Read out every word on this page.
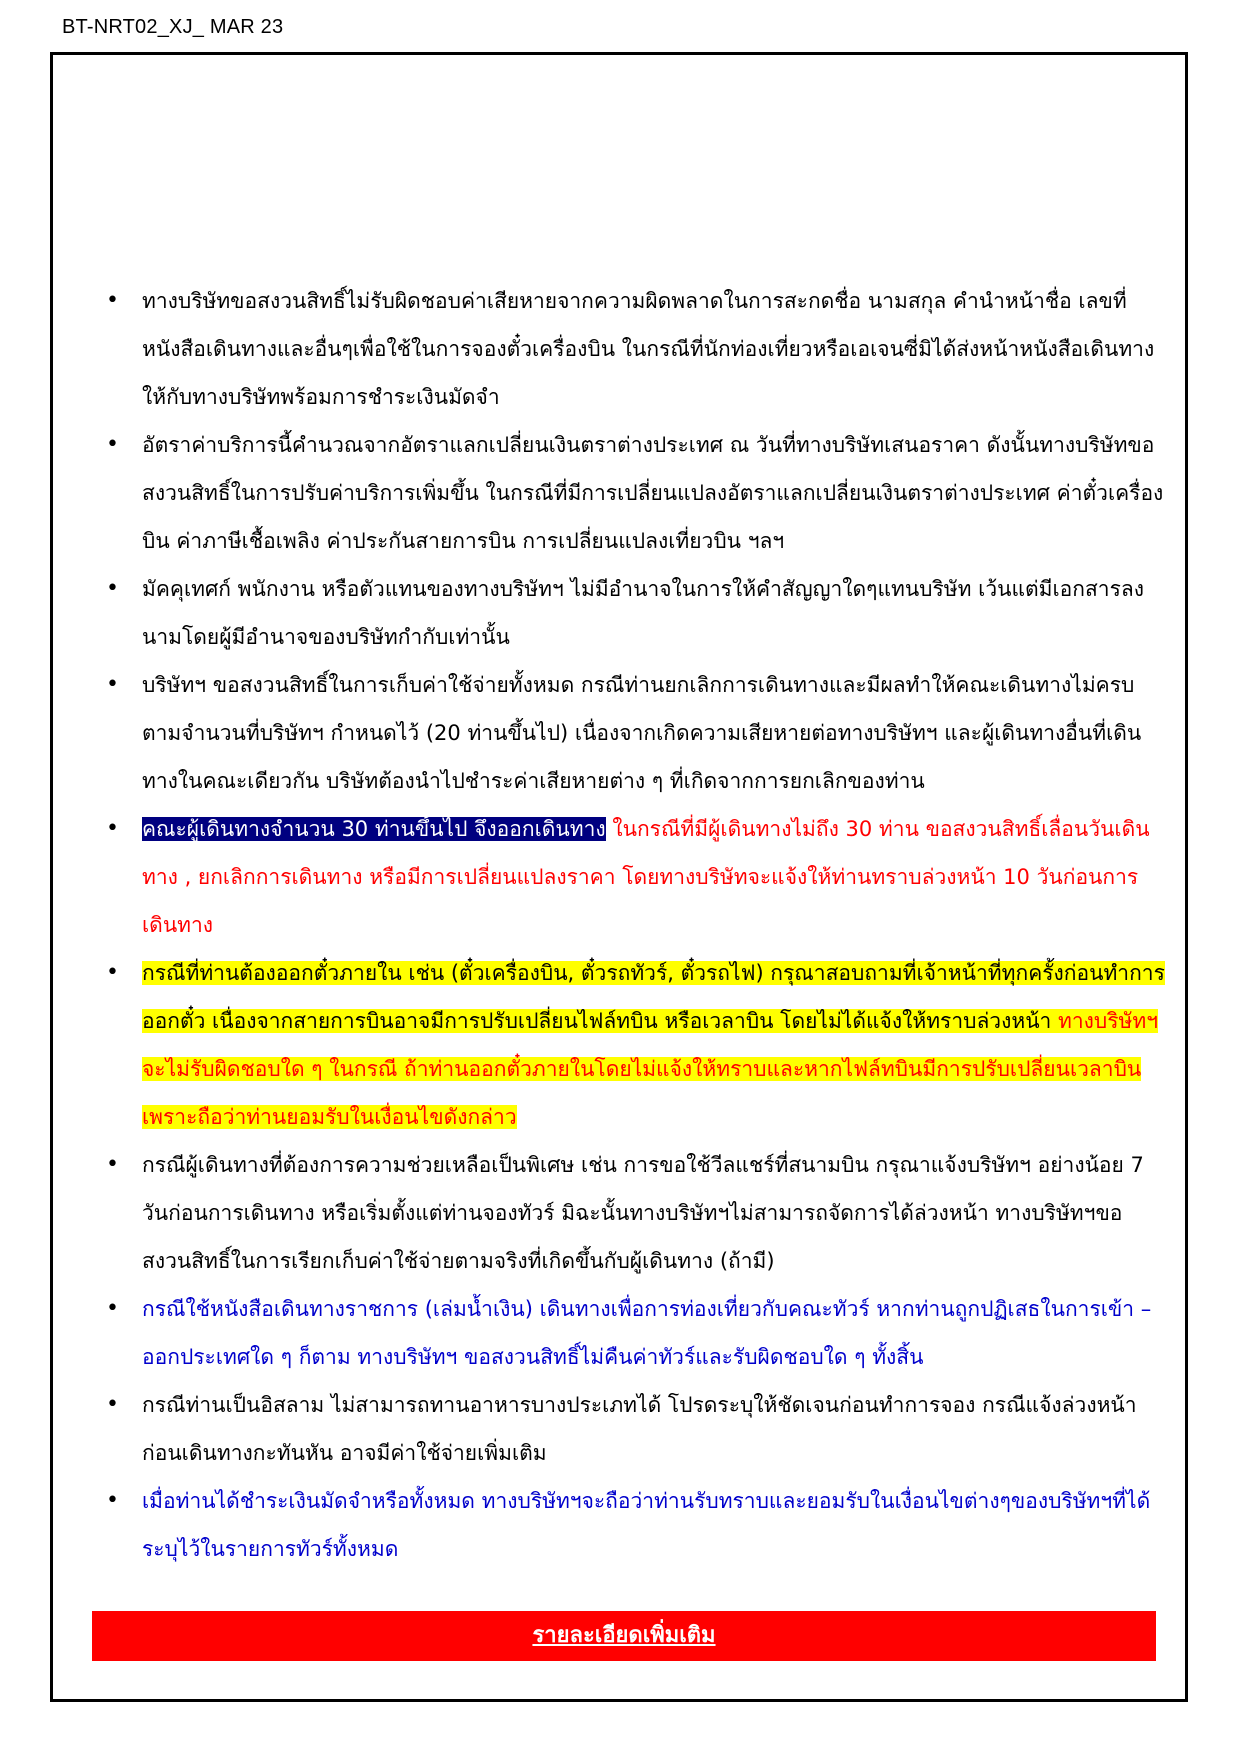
BT-NRT02_XJ_ MAR 23
• ทางบริษัทขอสงวนสิทธิ์ไม่รับผิดชอบค่าเสียหายจากความผิดพลาดในการสะกดชื่อ นามสกุล คำนำหน้าชื่อ เลขที่หนังสือเดินทางและอื่นๆเพื่อใช้ในการจองตั๋วเครื่องบิน ในกรณีที่นักท่องเที่ยวหรือเอเจนซี่มิได้ส่งหน้าหนังสือเดินทางให้กับทางบริษัทพร้อมการชำระเงินมัดจำ
• อัตราค่าบริการนี้คำนวณจากอัตราแลกเปลี่ยนเงินตราต่างประเทศ ณ วันที่ทางบริษัทเสนอราคา ดังนั้นทางบริษัทขอสงวนสิทธิ์ในการปรับค่าบริการเพิ่มขึ้น ในกรณีที่มีการเปลี่ยนแปลงอัตราแลกเปลี่ยนเงินตราต่างประเทศ ค่าตั๋วเครื่องบิน ค่าภาษีเชื้อเพลิง ค่าประกันสายการบิน การเปลี่ยนแปลงเที่ยวบิน ฯลฯ
• มัคคุเทศก์ พนักงาน หรือตัวแทนของทางบริษัทฯ ไม่มีอำนาจในการให้คำสัญญาใดๆแทนบริษัท เว้นแต่มีเอกสารลงนามโดยผู้มีอำนาจของบริษัทกำกับเท่านั้น
• บริษัทฯ ขอสงวนสิทธิ์ในการเก็บค่าใช้จ่ายทั้งหมด กรณีท่านยกเลิกการเดินทางและมีผลทำให้คณะเดินทางไม่ครบตามจำนวนที่บริษัทฯ กำหนดไว้ (20 ท่านขึ้นไป) เนื่องจากเกิดความเสียหายต่อทางบริษัทฯ และผู้เดินทางอื่นที่เดินทางในคณะเดียวกัน บริษัทต้องนำไปชำระค่าเสียหายต่าง ๆ ที่เกิดจากการยกเลิกของท่าน
• คณะผู้เดินทางจำนวน 30 ท่านขึ้นไป จึงออกเดินทาง ในกรณีที่มีผู้เดินทางไม่ถึง 30 ท่าน ขอสงวนสิทธิ์เลื่อนวันเดินทาง , ยกเลิกการเดินทาง หรือมีการเปลี่ยนแปลงราคา โดยทางบริษัทจะแจ้งให้ท่านทราบล่วงหน้า 10 วันก่อนการเดินทาง
• กรณีที่ท่านต้องออกตั๋วภายใน เช่น (ตั๋วเครื่องบิน, ตั๋วรถทัวร์, ตั๋วรถไฟ) กรุณาสอบถามที่เจ้าหน้าที่ทุกครั้งก่อนทำการออกตั๋ว เนื่องจากสายการบินอาจมีการปรับเปลี่ยนไฟล์ทบิน หรือเวลาบิน โดยไม่ได้แจ้งให้ทราบล่วงหน้า ทางบริษัทฯ จะไม่รับผิดชอบใด ๆ ในกรณี ถ้าท่านออกตั๋วภายในโดยไม่แจ้งให้ทราบและหากไฟล์ทบินมีการปรับเปลี่ยนเวลาบินเพราะถือว่าท่านยอมรับในเงื่อนไขดังกล่าว
• กรณีผู้เดินทางที่ต้องการความช่วยเหลือเป็นพิเศษ เช่น การขอใช้วีลแชร์ที่สนามบิน กรุณาแจ้งบริษัทฯ อย่างน้อย 7 วันก่อนการเดินทาง หรือเริ่มตั้งแต่ท่านจองทัวร์ มิฉะนั้นทางบริษัทฯไม่สามารถจัดการได้ล่วงหน้า ทางบริษัทฯขอสงวนสิทธิ์ในการเรียกเก็บค่าใช้จ่ายตามจริงที่เกิดขึ้นกับผู้เดินทาง (ถ้ามี)
• กรณีใช้หนังสือเดินทางราชการ (เล่มน้ำเงิน) เดินทางเพื่อการท่องเที่ยวกับคณะทัวร์ หากท่านถูกปฏิเสธในการเข้า – ออกประเทศใด ๆ ก็ตาม ทางบริษัทฯ ขอสงวนสิทธิ์ไม่คืนค่าทัวร์และรับผิดชอบใด ๆ ทั้งสิ้น
• กรณีท่านเป็นอิสลาม ไม่สามารถทานอาหารบางประเภทได้ โปรดระบุให้ชัดเจนก่อนทำการจอง กรณีแจ้งล่วงหน้าก่อนเดินทางกะทันหัน อาจมีค่าใช้จ่ายเพิ่มเติม
• เมื่อท่านได้ชำระเงินมัดจำหรือทั้งหมด ทางบริษัทฯจะถือว่าท่านรับทราบและยอมรับในเงื่อนไขต่างๆของบริษัทฯที่ได้ระบุไว้ในรายการทัวร์ทั้งหมด
รายละเอียดเพิ่มเติม
